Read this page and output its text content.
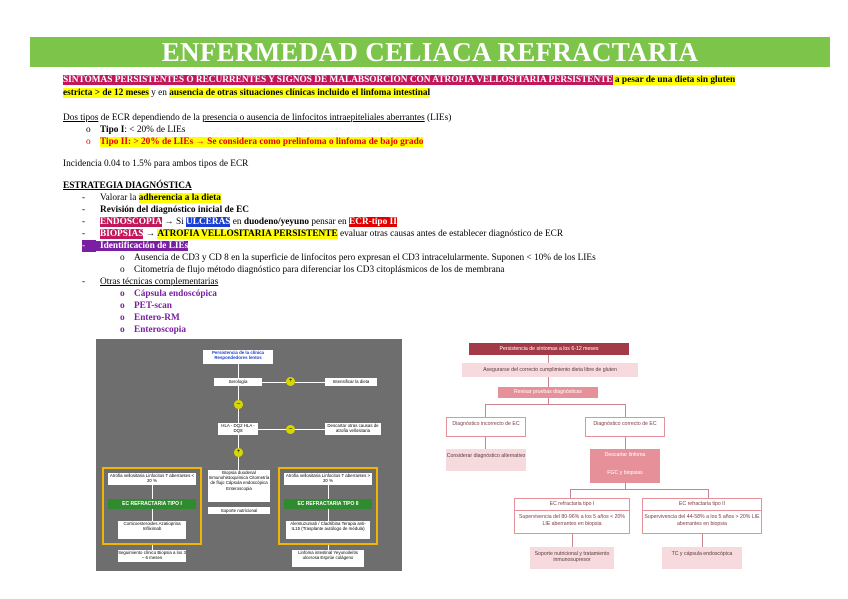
ENFERMEDAD CELIACA REFRACTARIA
SINTOMAS PERSISTENTES O RECURRENTES Y SIGNOS DE MALABSORCIÓN CON ATROFIA VELLOSITARIA PERSISTENTE a pesar de una dieta sin gluten
estricta > de 12 meses y en ausencia de otras situaciones clínicas incluido el linfoma intestinal
Dos tipos de ECR dependiendo de la presencia o ausencia de linfocitos intraepiteliales aberrantes (LIEs)
o Tipo I: < 20% de LIEs
o Tipo II: > 20% de LIEs → Se considera como prelinfoma o linfoma de bajo grado
Incidencia 0.04 to 1.5% para ambos tipos de ECR
ESTRATEGIA DIAGNÓSTICA
- Valorar la adherencia a la dieta
- Revisión del diagnóstico inicial de EC
- ENDOSCOPIA → Si ULCERAS en duodeno/yeyuno pensar en ECR-tipo II
- BIOPSIAS → ATROFIA VELLOSITARIA PERSISTENTE evaluar otras causas antes de establecer diagnóstico de ECR
- Identificación de LIEs
o Ausencia de CD3 y CD 8 en la superficie de linfocitos pero expresan el CD3 intracelularmente. Suponen < 10% de los LIEs
o Citometría de flujo método diagnóstico para diferenciar los CD3 citoplásmicos de los de membrana
- Otras técnicas complementarias
o Cápsula endoscópica
o PET-scan
o Entero-RM
o Enteroscopia
Persistencia de la clínica Respondedores lentos
Serología	+	Intensificar la dieta
–
HLA - DQ2 HLA - DQ8	–
Descartar otras causas de atrofia vellositaria
+
Biopsia duodenal Inmunohistoquímica Citometría de flujo Cápsula endoscópica Enteroscopia
Soporte nutricional
Atrofia vellositaria Linfocitos T aberrantes < 20 %
EC REFRACTARIA TIPO I
Corticoesteroides Azatioprina Infliximab
Seguimiento clínico Biopsia a los 3 – 6 meses
Atrofia vellositaria Linfocitos T aberrantes > 20 %
EC REFRACTARIA TIPO II
Alemtuzumab / Cladribina Terapia anti-IL15 (Trasplante autólogo de médula)
Linfoma intestinal Yeyunoileítis ulcerosa Esprúe colágeno
Persistencia de síntomas a los 6-12 meses
Asegurarse del correcto cumplimiento dieta libre de gluten
Revisar pruebas diagnósticas
Diagnóstico incorrecto de EC	Diagnóstico correcto de EC
Considerar diagnóstico alternativo	Descartar linfoma
FGC y biopsias
EC refractaria tipo I
Supervivencia del 80-96% a los 5 años < 20% LIE aberrantes en biopsia
EC refractaria tipo II
Supervivencia del 44-58% a los 5 años > 20% LIE aberrantes en biopsia
Soporte nutricional y tratamiento inmunosupresor
TC y cápsula endoscópica
